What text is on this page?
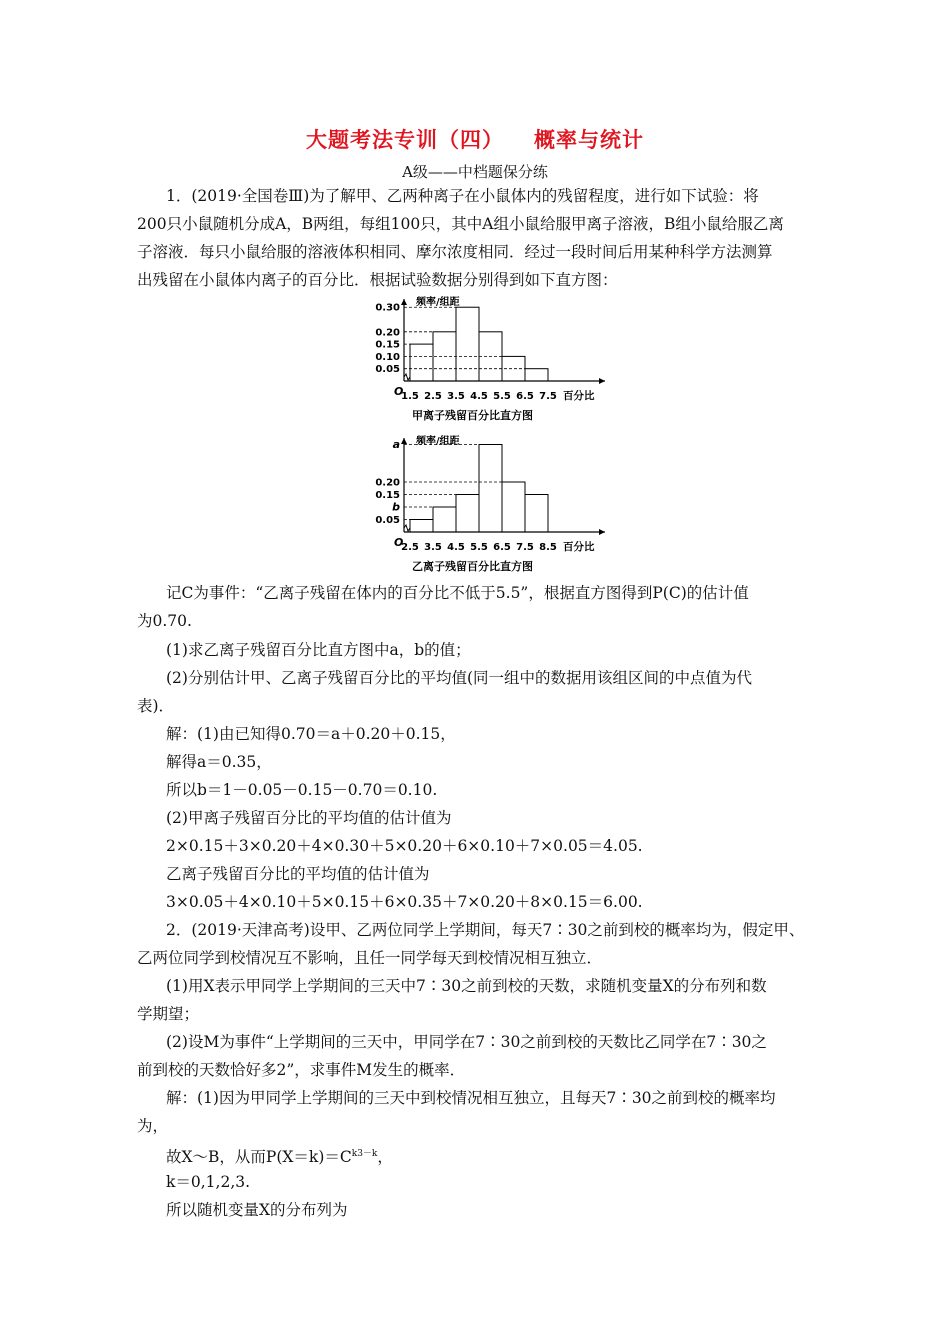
大题考法专训（四） 概率与统计
A级——中档题保分练
1．(2019·全国卷Ⅲ)为了解甲、乙两种离子在小鼠体内的残留程度，进行如下试验：将
200只小鼠随机分成A，B两组，每组100只，其中A组小鼠给服甲离子溶液，B组小鼠给服乙离
子溶液．每只小鼠给服的溶液体积相同、摩尔浓度相同．经过一段时间后用某种科学方法测算
出残留在小鼠体内离子的百分比．根据试验数据分别得到如下直方图：
频率/组距
O
0.05
0.10
0.15
0.20
0.30
1.5 2.5 3.5 4.5 5.5 6.5 7.5 百分比
甲离子残留百分比直方图
频率/组距
O
0.05
b
0.15
0.20
a
2.5 3.5 4.5 5.5 6.5 7.5 8.5 百分比
乙离子残留百分比直方图
记C为事件：“乙离子残留在体内的百分比不低于5.5”，根据直方图得到P(C)的估计值
为0.70.
(1)求乙离子残留百分比直方图中a，b的值；
(2)分别估计甲、乙离子残留百分比的平均值(同一组中的数据用该组区间的中点值为代
表)．
解：(1)由已知得0.70＝a＋0.20＋0.15，
解得a＝0.35，
所以b＝1－0.05－0.15－0.70＝0.10.
(2)甲离子残留百分比的平均值的估计值为
2×0.15＋3×0.20＋4×0.30＋5×0.20＋6×0.10＋7×0.05＝4.05.
乙离子残留百分比的平均值的估计值为
3×0.05＋4×0.10＋5×0.15＋6×0.35＋7×0.20＋8×0.15＝6.00.
2．(2019·天津高考)设甲、乙两位同学上学期间，每天7∶30之前到校的概率均为，假定甲、
乙两位同学到校情况互不影响，且任一同学每天到校情况相互独立．
(1)用X表示甲同学上学期间的三天中7∶30之前到校的天数，求随机变量X的分布列和数
学期望；
(2)设M为事件“上学期间的三天中，甲同学在7∶30之前到校的天数比乙同学在7∶30之
前到校的天数恰好多2”，求事件M发生的概率．
解：(1)因为甲同学上学期间的三天中到校情况相互独立，且每天7∶30之前到校的概率均
为，
故X～B，从而$P(X=k)=C^{k3-k}$，
k＝0,1,2,3.
所以随机变量X的分布列为
